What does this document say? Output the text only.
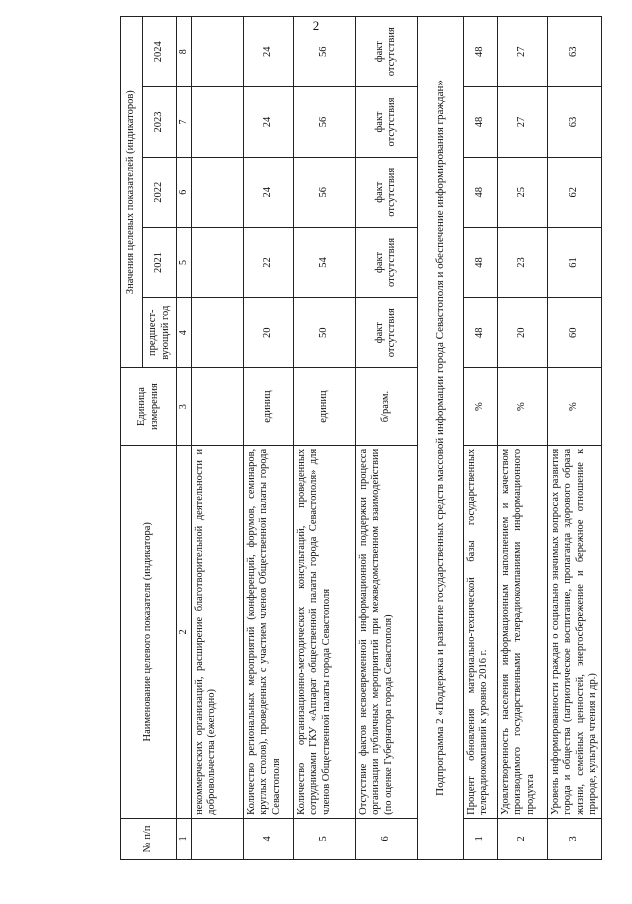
2
№ п/п	Наименование целевого показателя (индикатора)	Единица измерения	Значения целевых показателей (индикаторов)				
			предшест-вующий год	2021	2022	2023	2024
1	2	3	4	5	6	7	8
	некоммерческих организаций, расширение благотворительной деятельности и добровольчества (ежегодно)						
4	Количество региональных мероприятий (конференций, форумов, семинаров, круглых столов), проведенных с участием членов Общественной палаты города Севастополя	единиц	20	22	24	24	24
5	Количество организационно-методических консультаций, проведенных сотрудниками ГКУ «Аппарат общественной палаты города Севастополя» для членов Общественной палаты города Севастополя	единиц	50	54	56	56	56
6	Отсутствие фактов несвоевременной информационной поддержки процесса организации публичных мероприятий при межведомственном взаимодействии (по оценке Губернатора города Севастополя)	б/разм.	факт отсутствия	факт отсутствия	факт отсутствия	факт отсутствия	факт отсутствия
Подпрограмма 2 «Поддержка и развитие государственных средств массовой информации города Севастополя и обеспечение информирования граждан»							
1	Процент обновления материально-технической базы государственных телерадиокомпаний к уровню 2016 г.	%	48	48	48	48	48
2	Удовлетворенность населения информационным наполнением и качеством производимого государственными телерадиокомпаниями информационного продукта	%	20	23	25	27	27
3	Уровень информированности граждан о социально значимых вопросах развития города и общества (патриотическое воспитание, пропаганда здорового образа жизни, семейных ценностей, энергосбережение и бережное отношение к природе, культура чтения и др.)	%	60	61	62	63	63
